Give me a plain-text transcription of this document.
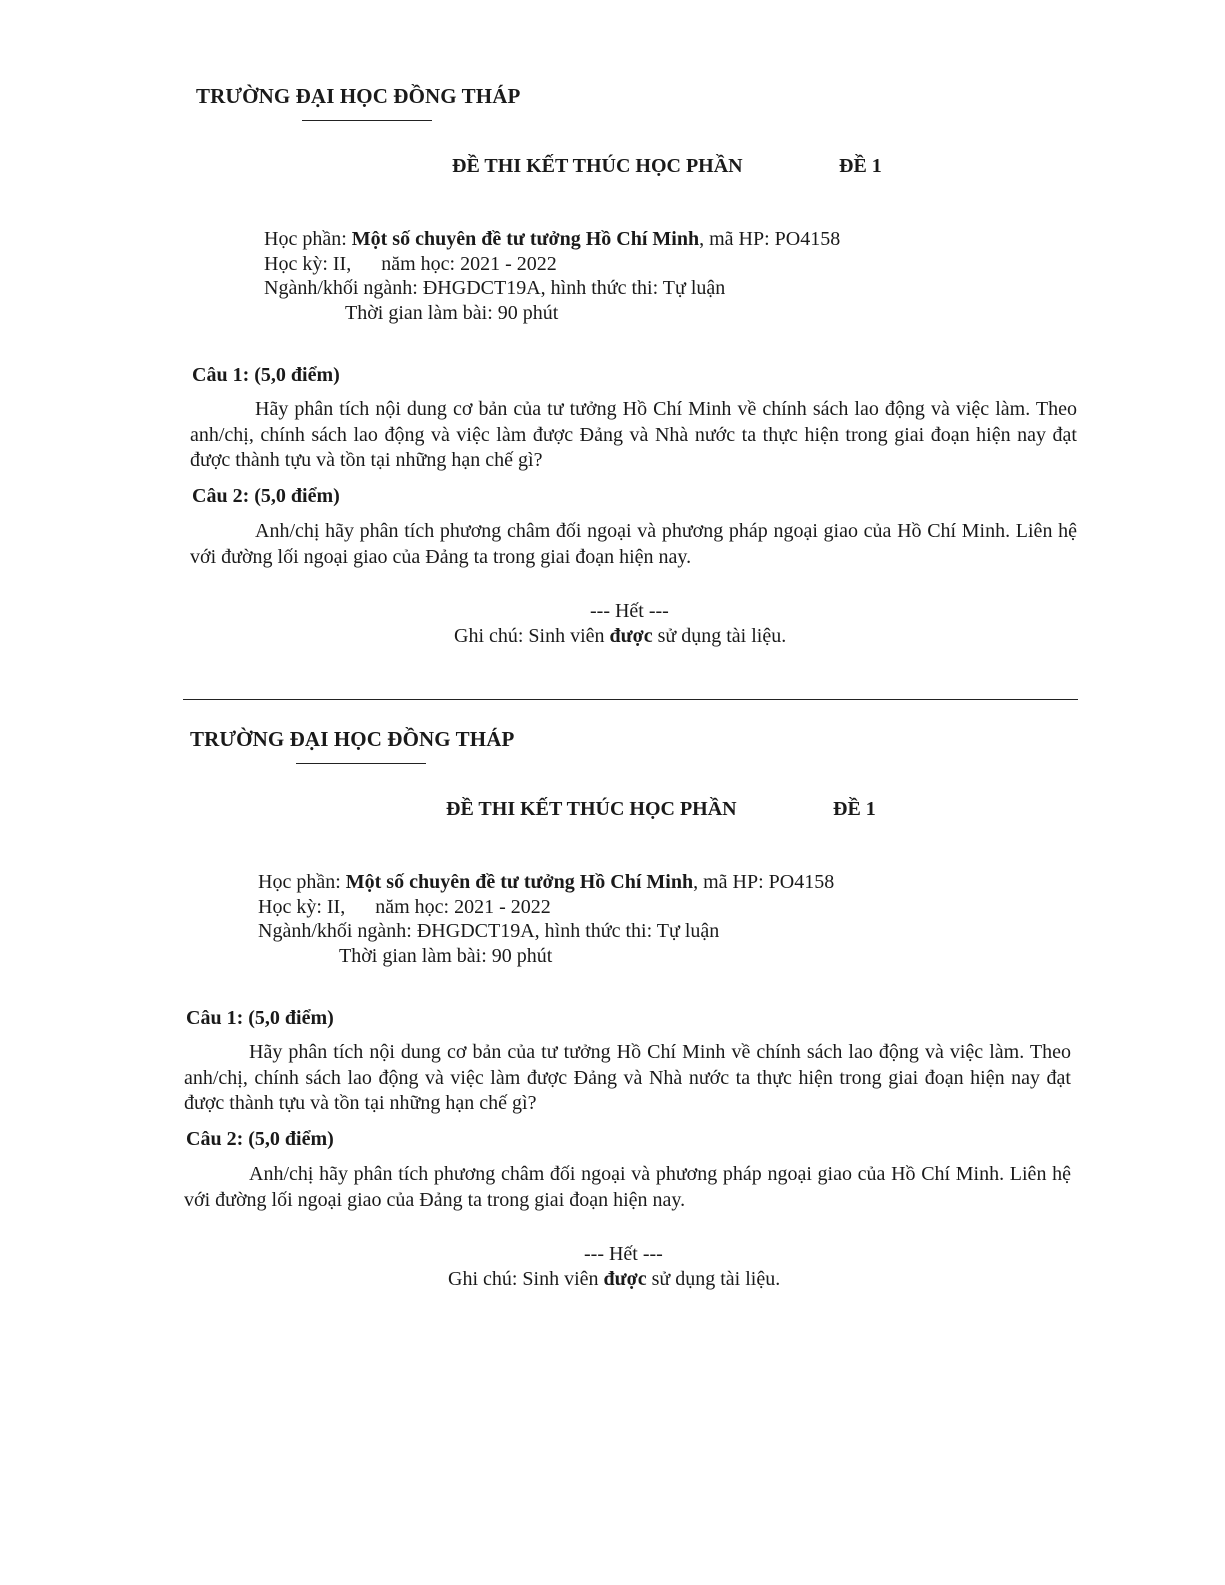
TRƯỜNG ĐẠI HỌC ĐỒNG THÁP
ĐỀ THI KẾT THÚC HỌC PHẦN	ĐỀ 1
Học phần: Một số chuyên đề tư tưởng Hồ Chí Minh, mã HP: PO4158
Học kỳ: II, năm học: 2021 - 2022
Ngành/khối ngành: ĐHGDCT19A, hình thức thi: Tự luận
Thời gian làm bài: 90 phút
Câu 1: (5,0 điểm)

Hãy phân tích nội dung cơ bản của tư tưởng Hồ Chí Minh về chính sách lao động và việc làm. Theo anh/chị, chính sách lao động và việc làm được Đảng và Nhà nước ta thực hiện trong giai đoạn hiện nay đạt được thành tựu và tồn tại những hạn chế gì?

Câu 2: (5,0 điểm)

Anh/chị hãy phân tích phương châm đối ngoại và phương pháp ngoại giao của Hồ Chí Minh. Liên hệ với đường lối ngoại giao của Đảng ta trong giai đoạn hiện nay.

--- Hết ---
Ghi chú: Sinh viên được sử dụng tài liệu.
TRƯỜNG ĐẠI HỌC ĐỒNG THÁP
ĐỀ THI KẾT THÚC HỌC PHẦN	ĐỀ 1
Học phần: Một số chuyên đề tư tưởng Hồ Chí Minh, mã HP: PO4158
Học kỳ: II, năm học: 2021 - 2022
Ngành/khối ngành: ĐHGDCT19A, hình thức thi: Tự luận
Thời gian làm bài: 90 phút
Câu 1: (5,0 điểm)

Hãy phân tích nội dung cơ bản của tư tưởng Hồ Chí Minh về chính sách lao động và việc làm. Theo anh/chị, chính sách lao động và việc làm được Đảng và Nhà nước ta thực hiện trong giai đoạn hiện nay đạt được thành tựu và tồn tại những hạn chế gì?

Câu 2: (5,0 điểm)

Anh/chị hãy phân tích phương châm đối ngoại và phương pháp ngoại giao của Hồ Chí Minh. Liên hệ với đường lối ngoại giao của Đảng ta trong giai đoạn hiện nay.

--- Hết ---
Ghi chú: Sinh viên được sử dụng tài liệu.
